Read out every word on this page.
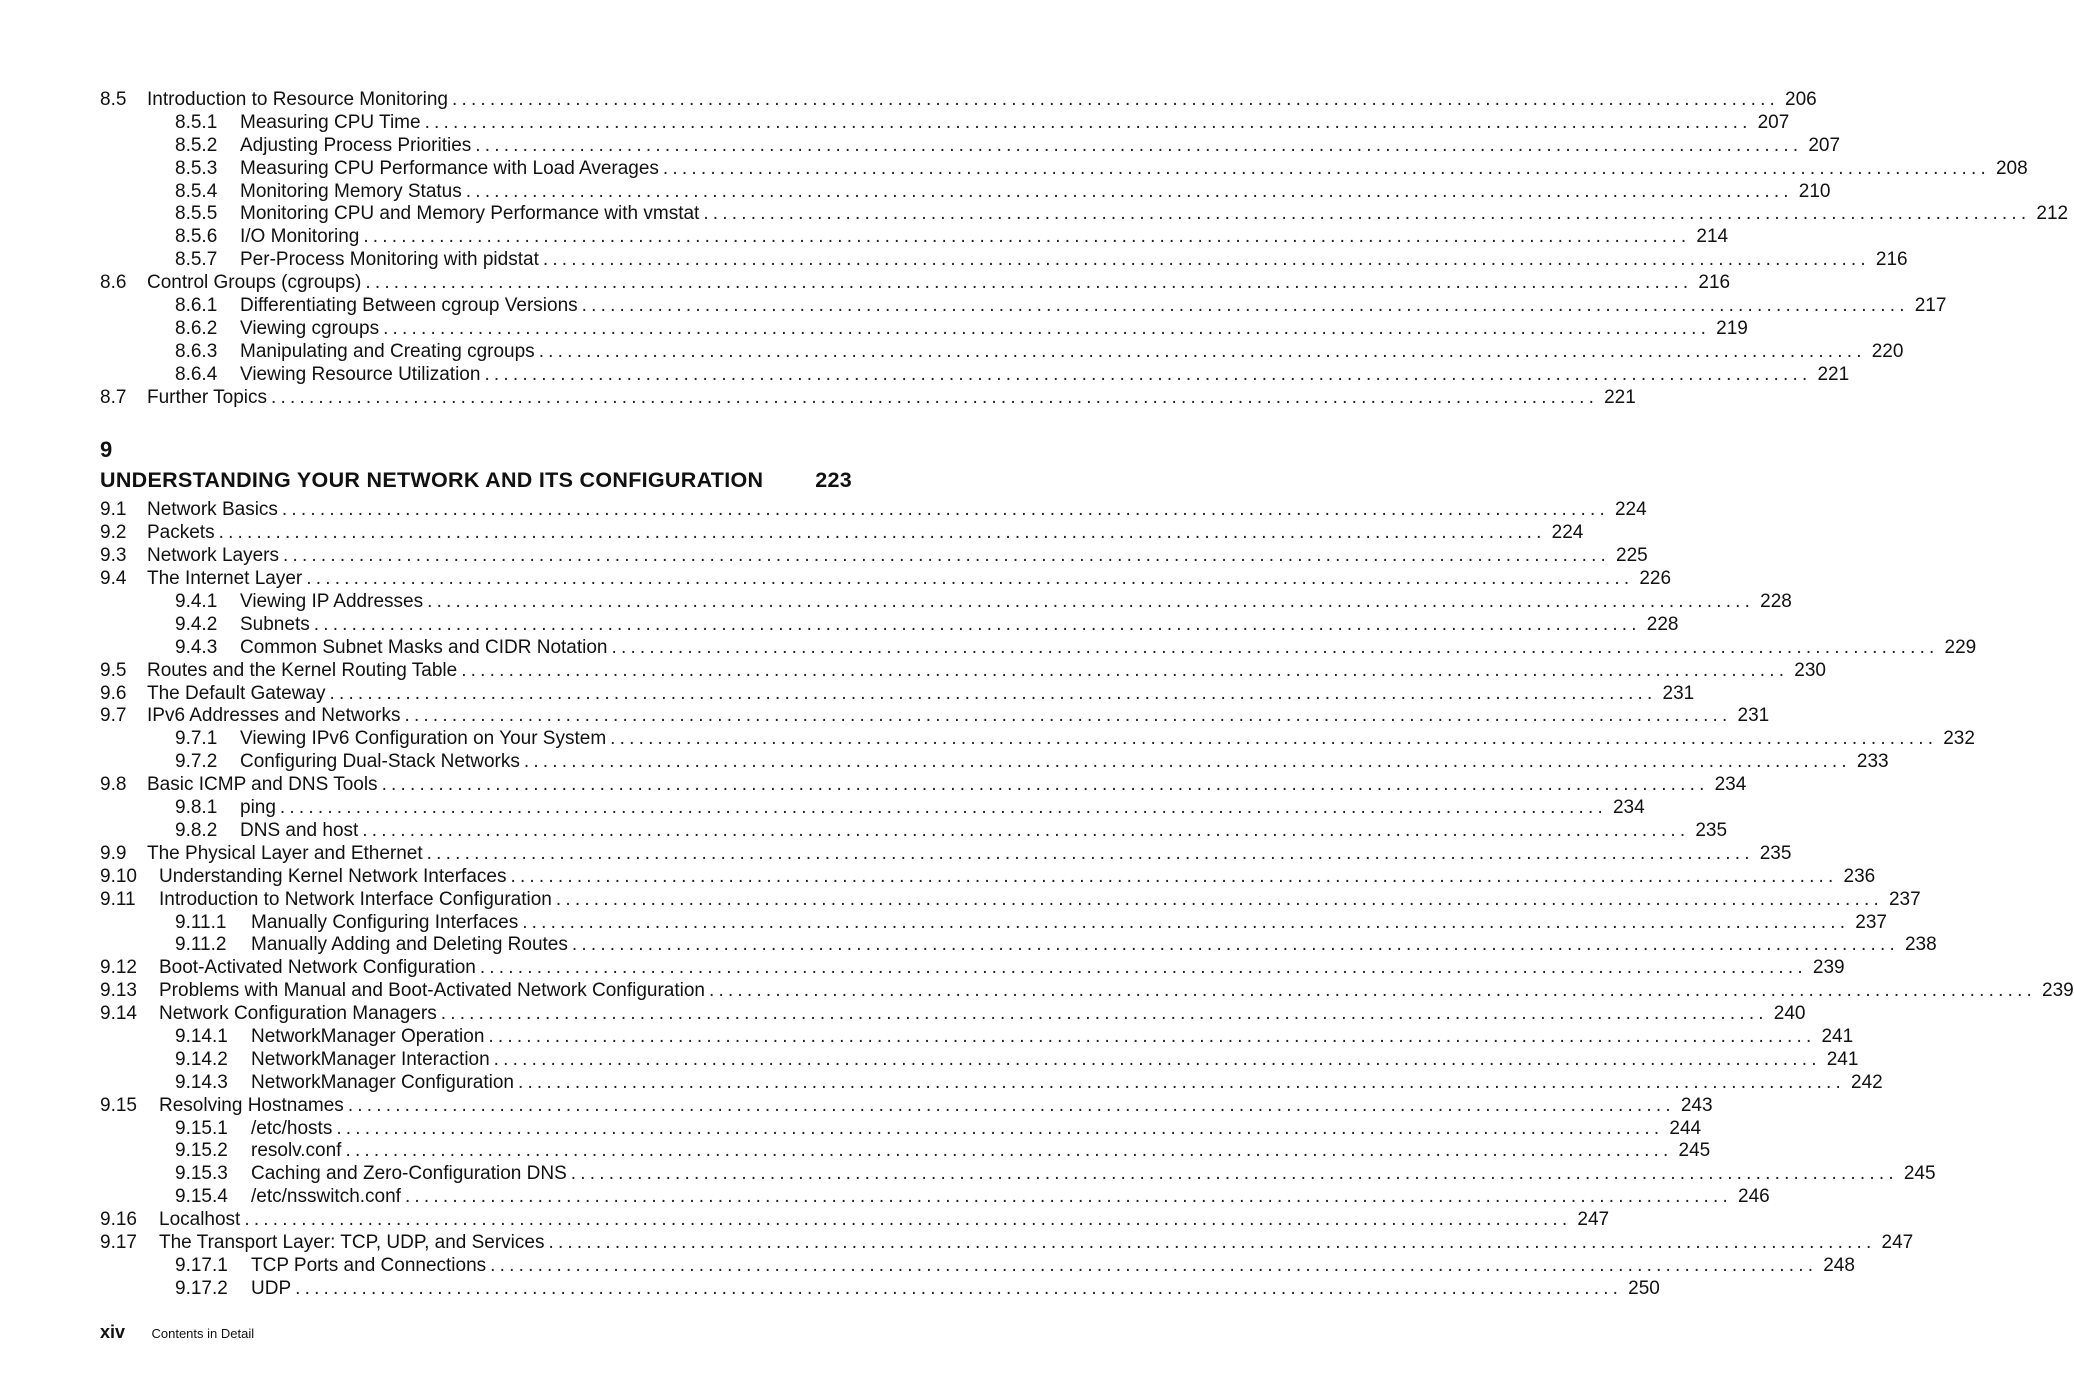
8.5 Introduction to Resource Monitoring ............................................................................................................................................ 206
8.5.1 Measuring CPU Time ............................................................................................................................................ 207
8.5.2 Adjusting Process Priorities ............................................................................................................................................ 207
8.5.3 Measuring CPU Performance with Load Averages ............................................................................................................................................ 208
8.5.4 Monitoring Memory Status ............................................................................................................................................ 210
8.5.5 Monitoring CPU and Memory Performance with vmstat ............................................................................................................................................ 212
8.5.6 I/O Monitoring ............................................................................................................................................ 214
8.5.7 Per-Process Monitoring with pidstat ............................................................................................................................................ 216
8.6 Control Groups (cgroups) ............................................................................................................................................ 216
8.6.1 Differentiating Between cgroup Versions ............................................................................................................................................ 217
8.6.2 Viewing cgroups ............................................................................................................................................ 219
8.6.3 Manipulating and Creating cgroups ............................................................................................................................................ 220
8.6.4 Viewing Resource Utilization ............................................................................................................................................ 221
8.7 Further Topics ............................................................................................................................................ 221
9
UNDERSTANDING YOUR NETWORK AND ITS CONFIGURATION 223
9.1 Network Basics ............................................................................................................................................ 224
9.2 Packets ............................................................................................................................................ 224
9.3 Network Layers ............................................................................................................................................ 225
9.4 The Internet Layer ............................................................................................................................................ 226
9.4.1 Viewing IP Addresses ............................................................................................................................................ 228
9.4.2 Subnets ............................................................................................................................................ 228
9.4.3 Common Subnet Masks and CIDR Notation ............................................................................................................................................ 229
9.5 Routes and the Kernel Routing Table ............................................................................................................................................ 230
9.6 The Default Gateway ............................................................................................................................................ 231
9.7 IPv6 Addresses and Networks ............................................................................................................................................ 231
9.7.1 Viewing IPv6 Configuration on Your System ............................................................................................................................................ 232
9.7.2 Configuring Dual-Stack Networks ............................................................................................................................................ 233
9.8 Basic ICMP and DNS Tools ............................................................................................................................................ 234
9.8.1 ping ............................................................................................................................................ 234
9.8.2 DNS and host ............................................................................................................................................ 235
9.9 The Physical Layer and Ethernet ............................................................................................................................................ 235
9.10 Understanding Kernel Network Interfaces ............................................................................................................................................ 236
9.11 Introduction to Network Interface Configuration ............................................................................................................................................ 237
9.11.1 Manually Configuring Interfaces ............................................................................................................................................ 237
9.11.2 Manually Adding and Deleting Routes ............................................................................................................................................ 238
9.12 Boot-Activated Network Configuration ............................................................................................................................................ 239
9.13 Problems with Manual and Boot-Activated Network Configuration ............................................................................................................................................ 239
9.14 Network Configuration Managers ............................................................................................................................................ 240
9.14.1 NetworkManager Operation ............................................................................................................................................ 241
9.14.2 NetworkManager Interaction ............................................................................................................................................ 241
9.14.3 NetworkManager Configuration ............................................................................................................................................ 242
9.15 Resolving Hostnames ............................................................................................................................................ 243
9.15.1 /etc/hosts ............................................................................................................................................ 244
9.15.2 resolv.conf ............................................................................................................................................ 245
9.15.3 Caching and Zero-Configuration DNS ............................................................................................................................................ 245
9.15.4 /etc/nsswitch.conf ............................................................................................................................................ 246
9.16 Localhost ............................................................................................................................................ 247
9.17 The Transport Layer: TCP, UDP, and Services ............................................................................................................................................ 247
9.17.1 TCP Ports and Connections ............................................................................................................................................ 248
9.17.2 UDP ............................................................................................................................................ 250
xiv Contents in Detail
